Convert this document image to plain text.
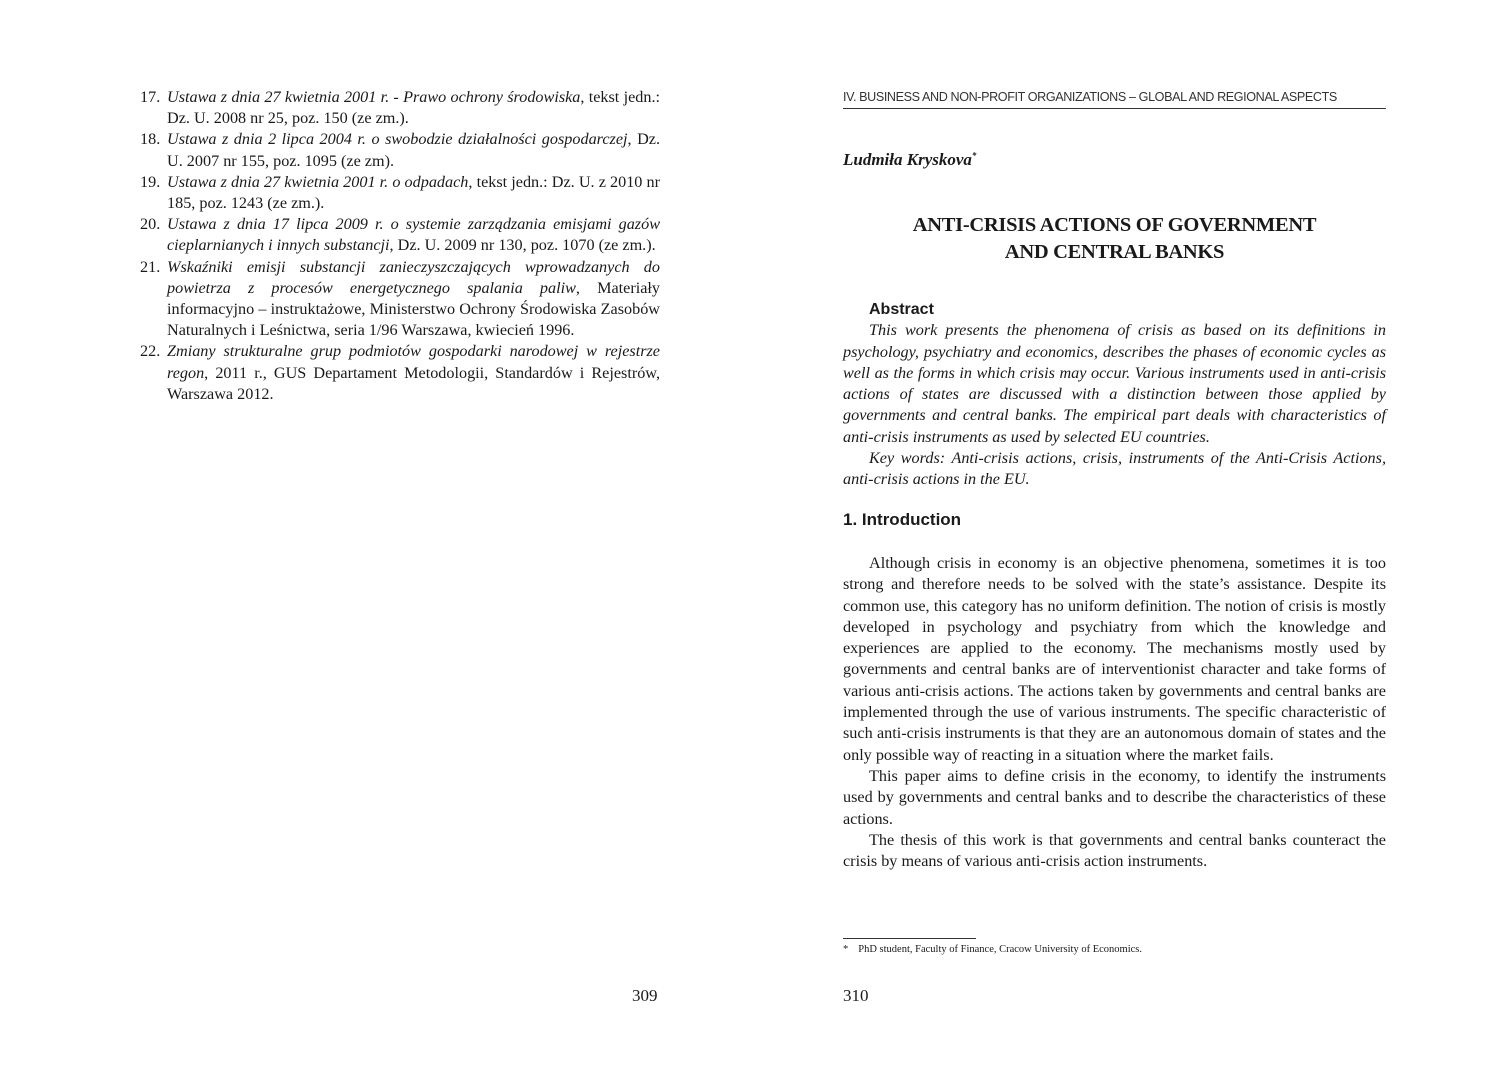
17. Ustawa z dnia 27 kwietnia 2001 r. - Prawo ochrony środowiska, tekst jedn.: Dz. U. 2008 nr 25, poz. 150 (ze zm.).
18. Ustawa z dnia 2 lipca 2004 r. o swobodzie działalności gospodarczej, Dz. U. 2007 nr 155, poz. 1095 (ze zm).
19. Ustawa z dnia 27 kwietnia 2001 r. o odpadach, tekst jedn.: Dz. U. z 2010 nr 185, poz. 1243 (ze zm.).
20. Ustawa z dnia 17 lipca 2009 r. o systemie zarządzania emisjami gazów cieplarnianych i innych substancji, Dz. U. 2009 nr 130, poz. 1070 (ze zm.).
21. Wskaźniki emisji substancji zanieczyszczających wprowadzanych do powietrza z procesów energetycznego spalania paliw, Materiały informacyjno – instruktażowe, Ministerstwo Ochrony Środowiska Zasobów Naturalnych i Leśnictwa, seria 1/96 Warszawa, kwiecień 1996.
22. Zmiany strukturalne grup podmiotów gospodarki narodowej w rejestrze regon, 2011 r., GUS Departament Metodologii, Standardów i Rejestrów, Warszawa 2012.
309
IV. BUSINESS AND NON-PROFIT ORGANIZATIONS – GLOBAL AND REGIONAL ASPECTS
Ludmiła Kryskova*
ANTI-CRISIS ACTIONS OF GOVERNMENT
AND CENTRAL BANKS

Abstract

This work presents the phenomena of crisis as based on its definitions in psychology, psychiatry and economics, describes the phases of economic cycles as well as the forms in which crisis may occur. Various instruments used in anti-crisis actions of states are discussed with a distinction between those applied by governments and central banks. The empirical part deals with characteristics of anti-crisis instruments as used by selected EU countries.

Key words: Anti-crisis actions, crisis, instruments of the Anti-Crisis Actions, anti-crisis actions in the EU.

1. Introduction

Although crisis in economy is an objective phenomena, sometimes it is too strong and therefore needs to be solved with the state’s assistance. Despite its common use, this category has no uniform definition. The notion of crisis is mostly developed in psychology and psychiatry from which the knowledge and experiences are applied to the economy. The mechanisms mostly used by governments and central banks are of interventionist character and take forms of various anti-crisis actions. The actions taken by governments and central banks are implemented through the use of various instruments. The specific characteristic of such anti-crisis instruments is that they are an autonomous domain of states and the only possible way of reacting in a situation where the market fails.

This paper aims to define crisis in the economy, to identify the instruments used by governments and central banks and to describe the characteristics of these actions.

The thesis of this work is that governments and central banks counteract the crisis by means of various anti-crisis action instruments.

* PhD student, Faculty of Finance, Cracow University of Economics.
310
